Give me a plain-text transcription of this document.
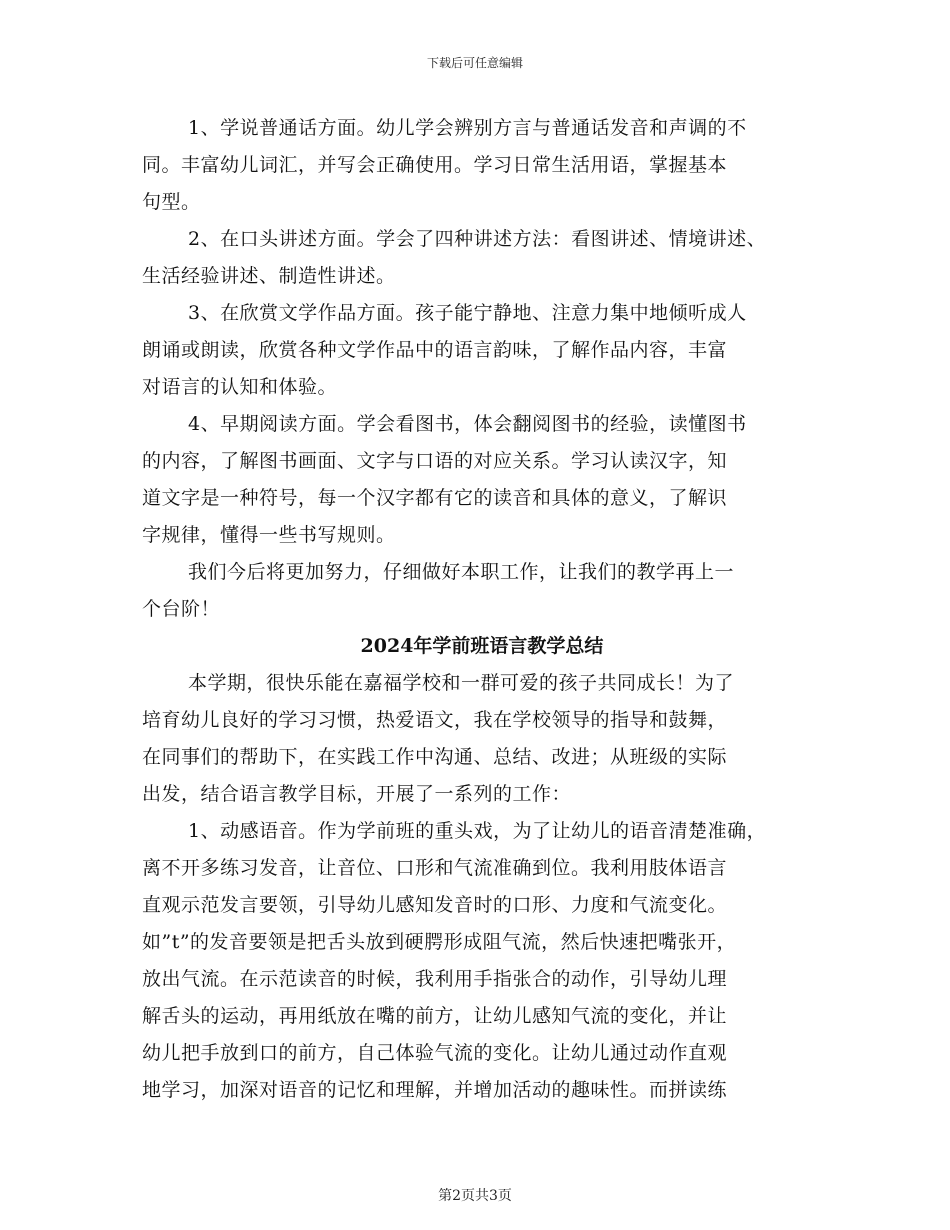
下载后可任意编辑
1、学说普通话方面。幼儿学会辨别方言与普通话发音和声调的不
同。丰富幼儿词汇，并写会正确使用。学习日常生活用语，掌握基本
句型。
2、在口头讲述方面。学会了四种讲述方法：看图讲述、情境讲述、
生活经验讲述、制造性讲述。
3、在欣赏文学作品方面。孩子能宁静地、注意力集中地倾听成人
朗诵或朗读，欣赏各种文学作品中的语言韵味，了解作品内容，丰富
对语言的认知和体验。
4、早期阅读方面。学会看图书，体会翻阅图书的经验，读懂图书
的内容，了解图书画面、文字与口语的对应关系。学习认读汉字，知
道文字是一种符号，每一个汉字都有它的读音和具体的意义，了解识
字规律，懂得一些书写规则。
我们今后将更加努力，仔细做好本职工作，让我们的教学再上一
个台阶！
2024年学前班语言教学总结
本学期，很快乐能在嘉福学校和一群可爱的孩子共同成长！为了
培育幼儿良好的学习习惯，热爱语文，我在学校领导的指导和鼓舞，
在同事们的帮助下，在实践工作中沟通、总结、改进；从班级的实际
出发，结合语言教学目标，开展了一系列的工作：
1、动感语音。作为学前班的重头戏，为了让幼儿的语音清楚准确，
离不开多练习发音，让音位、口形和气流准确到位。我利用肢体语言
直观示范发言要领，引导幼儿感知发音时的口形、力度和气流变化。
如”t”的发音要领是把舌头放到硬腭形成阻气流，然后快速把嘴张开，
放出气流。在示范读音的时候，我利用手指张合的动作，引导幼儿理
解舌头的运动，再用纸放在嘴的前方，让幼儿感知气流的变化，并让
幼儿把手放到口的前方，自己体验气流的变化。让幼儿通过动作直观
地学习，加深对语音的记忆和理解，并增加活动的趣味性。而拼读练
第2页共3页
